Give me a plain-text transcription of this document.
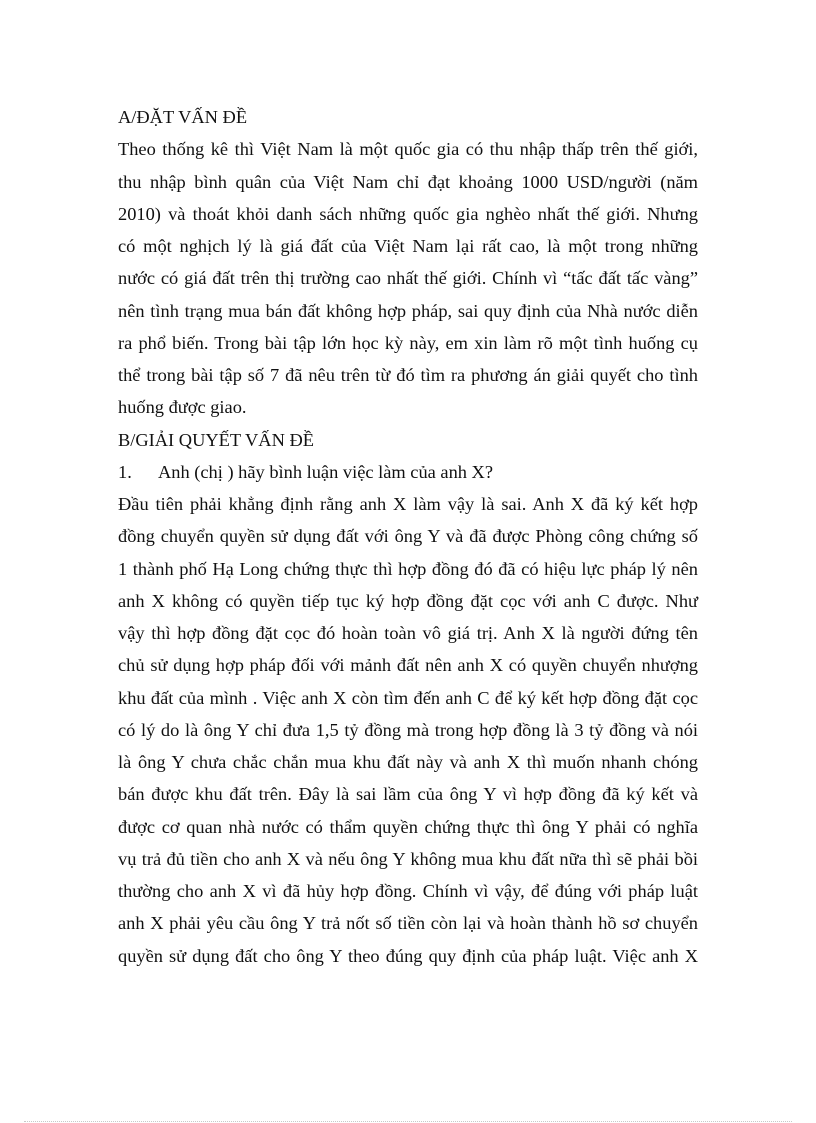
A/ĐẶT VẤN ĐỀ
Theo thống kê thì Việt Nam là một quốc gia có thu nhập thấp trên thế giới,
thu nhập bình quân của Việt Nam chỉ đạt khoảng 1000 USD/người (năm
2010) và thoát khỏi danh sách những quốc gia nghèo nhất thế giới. Nhưng
có một nghịch lý là giá đất của Việt Nam lại rất cao, là một trong những
nước có giá đất trên thị trường cao nhất thế giới. Chính vì “tấc đất tấc vàng”
nên tình trạng mua bán đất không hợp pháp, sai quy định của Nhà nước diễn
ra phổ biến. Trong bài tập lớn học kỳ này, em xin làm rõ một tình huống cụ
thể trong bài tập số 7 đã nêu trên từ đó tìm ra phương án giải quyết cho tình
huống được giao.
B/GIẢI QUYẾT VẤN ĐỀ
1.	Anh (chị ) hãy bình luận việc làm của anh X?
Đầu tiên phải khẳng định rằng anh X làm vậy là sai. Anh X đã ký kết hợp
đồng chuyển quyền sử dụng đất với ông Y và đã được Phòng công chứng số
1 thành phố Hạ Long chứng thực thì hợp đồng đó đã có hiệu lực pháp lý nên
anh X không có quyền tiếp tục ký hợp đồng đặt cọc với anh C được. Như
vậy thì hợp đồng đặt cọc đó hoàn toàn vô giá trị. Anh X là người đứng tên
chủ sử dụng hợp pháp đối với mảnh đất nên anh X có quyền chuyển nhượng
khu đất của mình . Việc anh X còn tìm đến anh C để ký kết hợp đồng đặt cọc
có lý do là ông Y chỉ đưa 1,5 tỷ đồng mà trong hợp đồng là 3 tỷ đồng và nói
là ông Y chưa chắc chắn mua khu đất này và anh X thì muốn nhanh chóng
bán được khu đất trên. Đây là sai lầm của ông Y vì hợp đồng đã ký kết và
được cơ quan nhà nước có thẩm quyền chứng thực thì ông Y phải có nghĩa
vụ trả đủ tiền cho anh X và nếu ông Y không mua khu đất nữa thì sẽ phải bồi
thường cho anh X vì đã hủy hợp đồng. Chính vì vậy, để đúng với pháp luật
anh X phải yêu cầu ông Y trả nốt số tiền còn lại và hoàn thành hồ sơ chuyển
quyền sử dụng đất cho ông Y theo đúng quy định của pháp luật. Việc anh X
